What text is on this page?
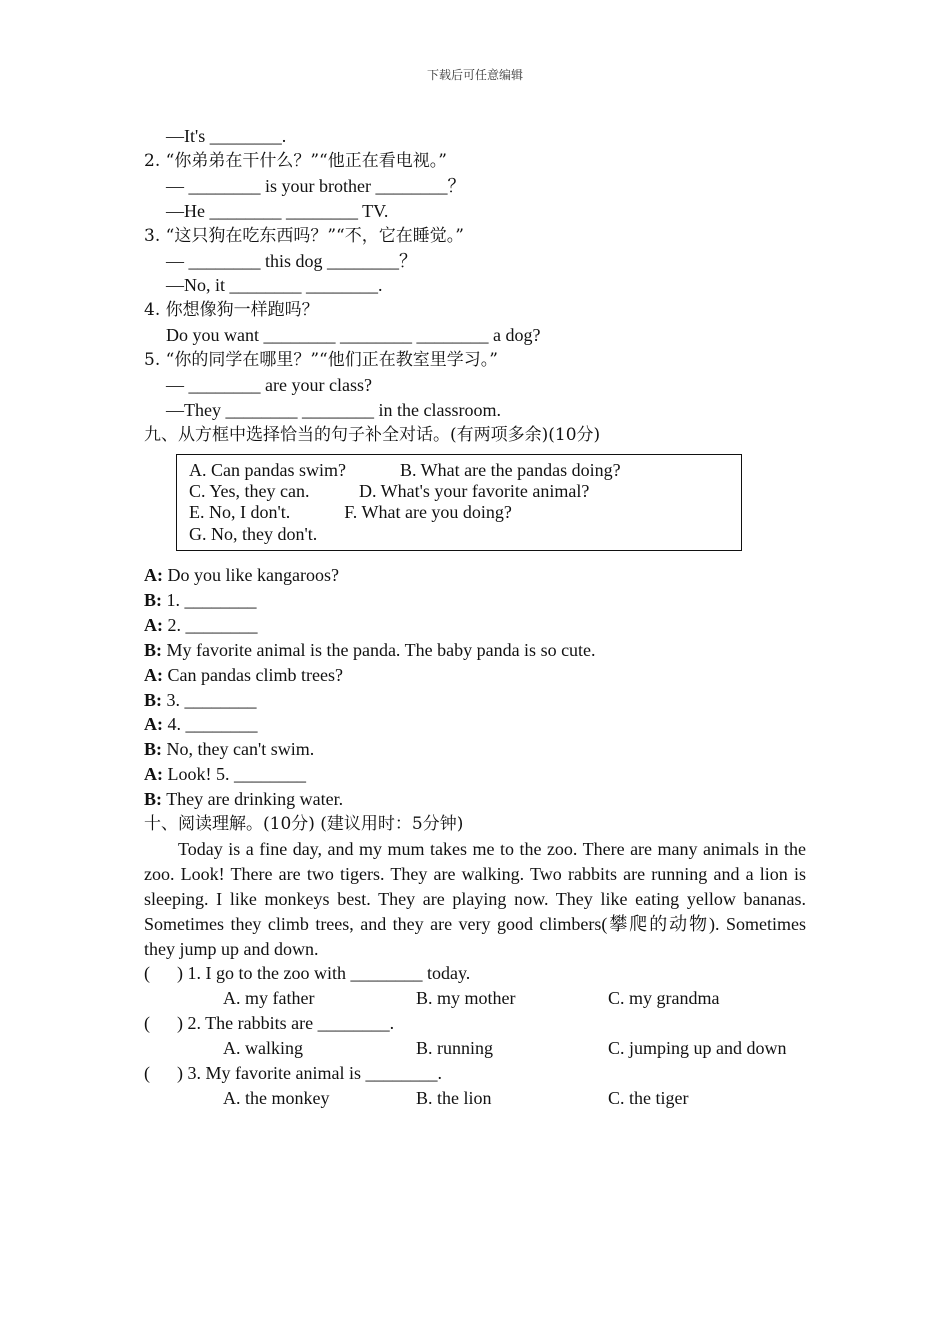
下载后可任意编辑
—It's ________.
2. “你弟弟在干什么？”“他正在看电视。”
— ________ is your brother ________？
—He ________ ________ TV.
3. “这只狗在吃东西吗？”“不，它在睡觉。”
— ________ this dog ________？
—No, it ________ ________.
4. 你想像狗一样跑吗？
Do you want ________ ________ ________ a dog?
5. “你的同学在哪里？”“他们正在教室里学习。”
— ________ are your class?
—They ________ ________ in the classroom.
九、从方框中选择恰当的句子补全对话。(有两项多余)(10分)
A. Can pandas swim?            B. What are the pandas doing?
C. Yes, they can.           D. What's your favorite animal?
E. No, I don't.            F. What are you doing?
G. No, they don't.
A: Do you like kangaroos?
B: 1. ________
A: 2. ________
B: My favorite animal is the panda. The baby panda is so cute.
A: Can pandas climb trees?
B: 3. ________
A: 4. ________
B: No, they can't swim.
A: Look! 5. ________
B: They are drinking water.
十、阅读理解。(10分) (建议用时：5分钟)
Today is a fine day, and my mum takes me to the zoo. There are many animals in the zoo. Look! There are two tigers. They are walking. Two rabbits are running and a lion is sleeping. I like monkeys best. They are playing now. They like eating yellow bananas. Sometimes they climb trees, and they are very good climbers(攀爬的动物). Sometimes they jump up and down.
(      ) 1. I go to the zoo with ________ today.
A. my father	B. my mother	C. my grandma
(      ) 2. The rabbits are ________.
A. walking	B. running	C. jumping up and down
(      ) 3. My favorite animal is ________.
A. the monkey	B. the lion	C. the tiger
